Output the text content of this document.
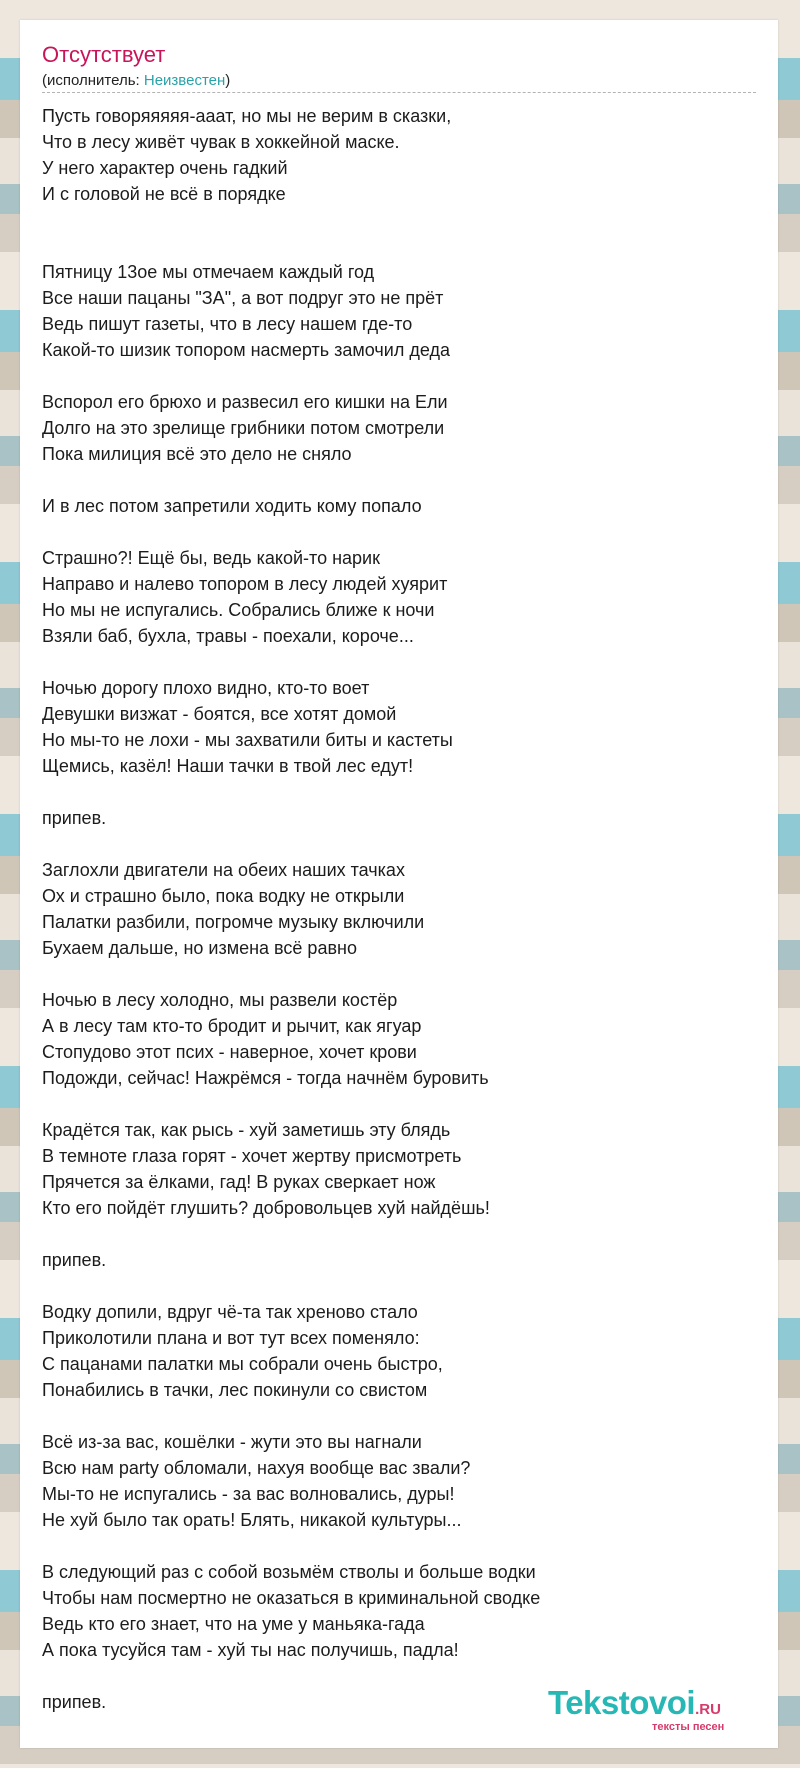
Отсутствует
(исполнитель: Неизвестен)
Пусть говоряяяяя-ааат, но мы не верим в сказки,
Что в лесу живёт чувак в хоккейной маске.
У него характер очень гадкий
И с головой не всё в порядке

Пятницу 13ое мы отмечаем каждый год
Все наши пацаны "ЗА", а вот подруг это не прёт
Ведь пишут газеты, что в лесу нашем где-то
Какой-то шизик топором насмерть замочил деда

Вспорол его брюхо и развесил его кишки на Ели
Долго на это зрелище грибники потом смотрели
Пока милиция всё это дело не сняло

И в лес потом запретили ходить кому попало

Страшно?! Ещё бы, ведь какой-то нарик
Направо и налево топором в лесу людей хуярит
Но мы не испугались. Собрались ближе к ночи
Взяли баб, бухла, травы - поехали, короче...

Ночью дорогу плохо видно, кто-то воет
Девушки визжат - боятся, все хотят домой
Но мы-то не лохи - мы захватили биты и кастеты
Щемись, казёл! Наши тачки в твой лес едут!

припев.

Заглохли двигатели на обеих наших тачках
Ох и страшно было, пока водку не открыли
Палатки разбили, погромче музыку включили
Бухаем дальше, но измена всё равно

Ночью в лесу холодно, мы развели костёр
А в лесу там кто-то бродит и рычит, как ягуар
Стопудово этот псих - наверное, хочет крови
Подожди, сейчас! Нажрёмся - тогда начнём буровить

Крадётся так, как рысь - хуй заметишь эту блядь
В темноте глаза горят - хочет жертву присмотреть
Прячется за ёлками, гад! В руках сверкает нож
Кто его пойдёт глушить? добровольцев хуй найдёшь!

припев.

Водку допили, вдруг чё-та так хреново стало
Приколотили плана и вот тут всех поменяло:
С пацанами палатки мы собрали очень быстро,
Понабились в тачки, лес покинули со свистом

Всё из-за вас, кошёлки - жути это вы нагнали
Всю нам party обломали, нахуя вообще вас звали?
Мы-то не испугались - за вас волновались, дуры!
Не хуй было так орать! Блять, никакой культуры...

В следующий раз с собой возьмём стволы и больше водки
Чтобы нам посмертно не оказаться в криминальной сводке
Ведь кто его знает, что на уме у маньяка-гада
А пока тусуйся там - хуй ты нас получишь, падла!

припев.	Tekstovoi.RU
тексты песен
